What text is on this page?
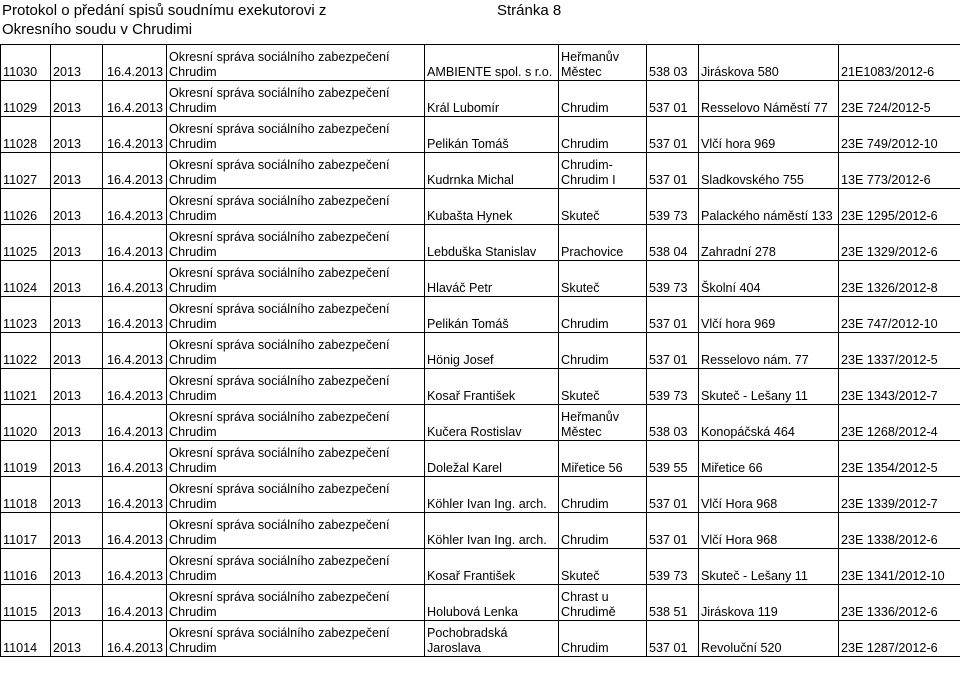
Protokol o předání spisů soudnímu exekutorovi z
Okresního soudu v Chrudimi
Stránka 8
11030	2013	16.4.2013	Okresní správa sociálního zabezpečení Chrudim	AMBIENTE spol. s r.o.	Heřmanův Městec	538 03	Jiráskova 580	21E1083/2012-6
11029	2013	16.4.2013	Okresní správa sociálního zabezpečení Chrudim	Král Lubomír	Chrudim	537 01	Resselovo Náměstí 77	23E 724/2012-5
11028	2013	16.4.2013	Okresní správa sociálního zabezpečení Chrudim	Pelikán Tomáš	Chrudim	537 01	Vlčí hora 969	23E 749/2012-10
11027	2013	16.4.2013	Okresní správa sociálního zabezpečení Chrudim	Kudrnka Michal	Chrudim-Chrudim I	537 01	Sladkovského 755	13E 773/2012-6
11026	2013	16.4.2013	Okresní správa sociálního zabezpečení Chrudim	Kubašta Hynek	Skuteč	539 73	Palackého náměstí 133	23E 1295/2012-6
11025	2013	16.4.2013	Okresní správa sociálního zabezpečení Chrudim	Lebduška Stanislav	Prachovice	538 04	Zahradní 278	23E 1329/2012-6
11024	2013	16.4.2013	Okresní správa sociálního zabezpečení Chrudim	Hlaváč Petr	Skuteč	539 73	Školní 404	23E 1326/2012-8
11023	2013	16.4.2013	Okresní správa sociálního zabezpečení Chrudim	Pelikán Tomáš	Chrudim	537 01	Vlčí hora 969	23E 747/2012-10
11022	2013	16.4.2013	Okresní správa sociálního zabezpečení Chrudim	Hönig Josef	Chrudim	537 01	Resselovo nám. 77	23E 1337/2012-5
11021	2013	16.4.2013	Okresní správa sociálního zabezpečení Chrudim	Kosař František	Skuteč	539 73	Skuteč - Lešany 11	23E 1343/2012-7
11020	2013	16.4.2013	Okresní správa sociálního zabezpečení Chrudim	Kučera Rostislav	Heřmanův Městec	538 03	Konopáčská 464	23E 1268/2012-4
11019	2013	16.4.2013	Okresní správa sociálního zabezpečení Chrudim	Doležal Karel	Miřetice 56	539 55	Miřetice 66	23E 1354/2012-5
11018	2013	16.4.2013	Okresní správa sociálního zabezpečení Chrudim	Köhler Ivan Ing. arch.	Chrudim	537 01	Vlčí Hora 968	23E 1339/2012-7
11017	2013	16.4.2013	Okresní správa sociálního zabezpečení Chrudim	Köhler Ivan Ing. arch.	Chrudim	537 01	Vlčí Hora 968	23E 1338/2012-6
11016	2013	16.4.2013	Okresní správa sociálního zabezpečení Chrudim	Kosař František	Skuteč	539 73	Skuteč - Lešany 11	23E 1341/2012-10
11015	2013	16.4.2013	Okresní správa sociálního zabezpečení Chrudim	Holubová Lenka	Chrast u Chrudimě	538 51	Jiráskova 119	23E 1336/2012-6
11014	2013	16.4.2013	Okresní správa sociálního zabezpečení Chrudim	Pochobradská Jaroslava	Chrudim	537 01	Revoluční 520	23E 1287/2012-6
